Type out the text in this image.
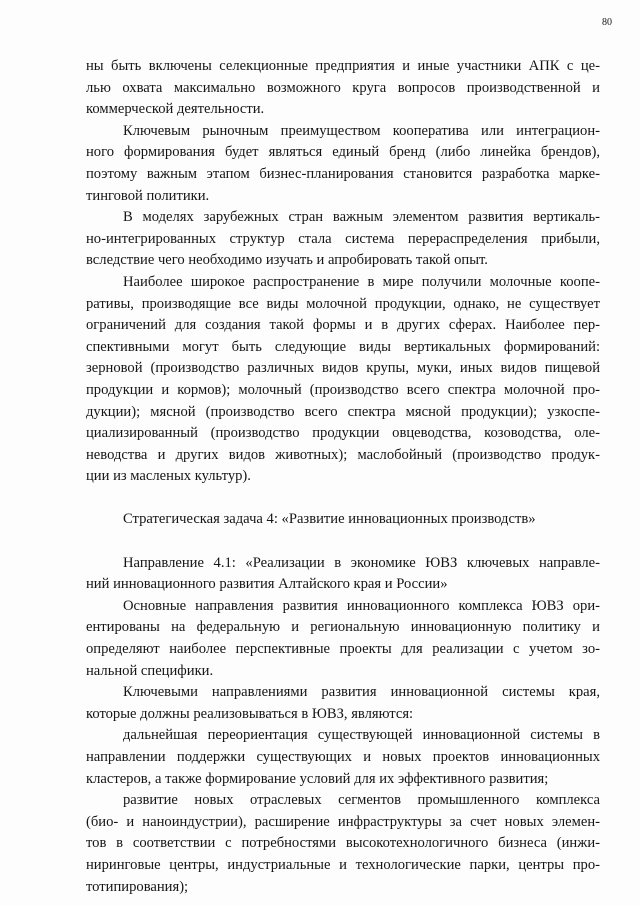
80
ны быть включены селекционные предприятия и иные участники АПК с це-
лью охвата максимально возможного круга вопросов производственной и
коммерческой деятельности.
Ключевым рыночным преимуществом кооператива или интеграцион-
ного формирования будет являться единый бренд (либо линейка брендов),
поэтому важным этапом бизнес-планирования становится разработка марке-
тинговой политики.
В моделях зарубежных стран важным элементом развития вертикаль-
но-интегрированных структур стала система перераспределения прибыли,
вследствие чего необходимо изучать и апробировать такой опыт.
Наиболее широкое распространение в мире получили молочные коопе-
ративы, производящие все виды молочной продукции, однако, не существует
ограничений для создания такой формы и в других сферах. Наиболее пер-
спективными могут быть следующие виды вертикальных формирований:
зерновой (производство различных видов крупы, муки, иных видов пищевой
продукции и кормов); молочный (производство всего спектра молочной про-
дукции); мясной (производство всего спектра мясной продукции); узкоспе-
циализированный (производство продукции овцеводства, козоводства, оле-
неводства и других видов животных); маслобойный (производство продук-
ции из масленых культур).
Стратегическая задача 4: «Развитие инновационных производств»
Направление 4.1: «Реализации в экономике ЮВЗ ключевых направле-
ний инновационного развития Алтайского края и России»
Основные направления развития инновационного комплекса ЮВЗ ори-
ентированы на федеральную и региональную инновационную политику и
определяют наиболее перспективные проекты для реализации с учетом зо-
нальной специфики.
Ключевыми направлениями развития инновационной системы края,
которые должны реализовываться в ЮВЗ, являются:
дальнейшая переориентация существующей инновационной системы в
направлении поддержки существующих и новых проектов инновационных
кластеров, а также формирование условий для их эффективного развития;
развитие новых отраслевых сегментов промышленного комплекса
(био- и наноиндустрии), расширение инфраструктуры за счет новых элемен-
тов в соответствии с потребностями высокотехнологичного бизнеса (инжи-
ниринговые центры, индустриальные и технологические парки, центры про-
тотипирования);
